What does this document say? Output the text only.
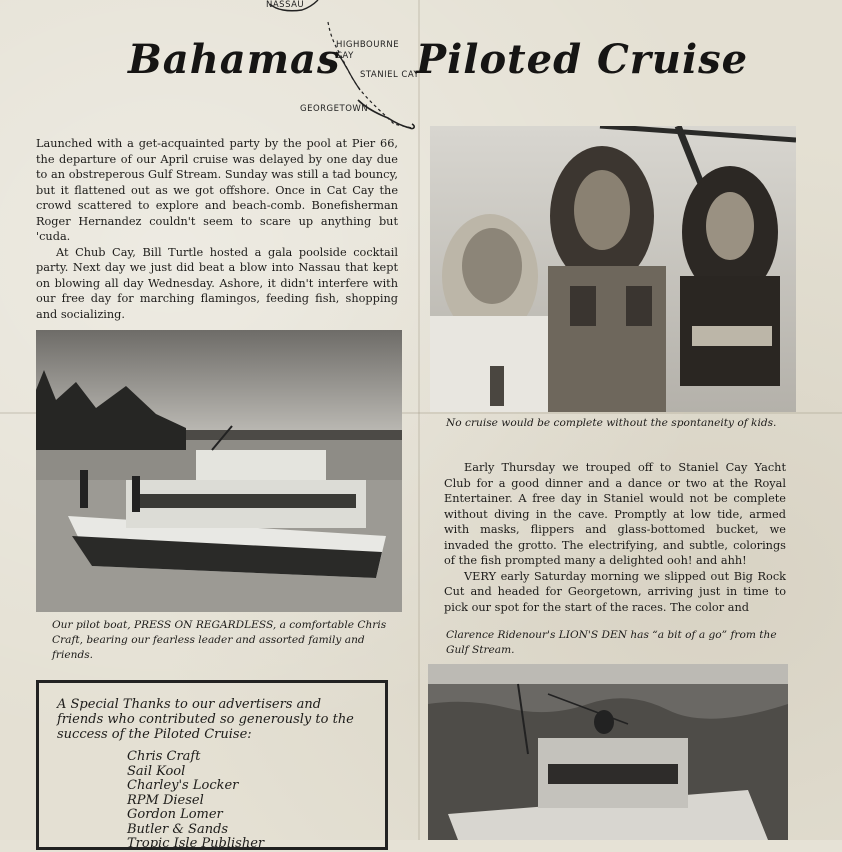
NASSAU
HIGHBOURNE CAY
STANIEL CAY
GEORGETOWN
Bahamas Piloted Cruise

Launched with a get-acquainted party by the pool at Pier 66, the departure of our April cruise was delayed by one day due to an obstreperous Gulf Stream. Sunday was still a tad bouncy, but it flattened out as we got offshore. Once in Cat Cay the crowd scattered to explore and beach-comb. Bonefisherman Roger Hernandez couldn't seem to scare up anything but 'cuda.

At Chub Cay, Bill Turtle hosted a gala poolside cocktail party. Next day we just did beat a blow into Nassau that kept on blowing all day Wednesday. Ashore, it didn't interfere with our free day for marching flamingos, feeding fish, shopping and socializing.

No cruise would be complete without the spontaneity of kids.

Early Thursday we trouped off to Staniel Cay Yacht Club for a good dinner and a dance or two at the Royal Entertainer. A free day in Staniel would not be complete without diving in the cave. Promptly at low tide, armed with masks, flippers and glass-bottomed bucket, we invaded the grotto. The electrifying, and subtle, colorings of the fish prompted many a delighted ooh! and ahh!

VERY early Saturday morning we slipped out Big Rock Cut and headed for Georgetown, arriving just in time to pick our spot for the start of the races. The color and

Our pilot boat, PRESS ON REGARDLESS, a comfortable Chris Craft, bearing our fearless leader and assorted family and friends.
Clarence Ridenour's LION'S DEN has “a bit of a go” from the Gulf Stream.

A Special Thanks to our advertisers and friends who contributed so generously to the success of the Piloted Cruise:

Chris Craft
Sail Kool
Charley's Locker
RPM Diesel
Gordon Lomer
Butler & Sands
Tropic Isle Publisher
